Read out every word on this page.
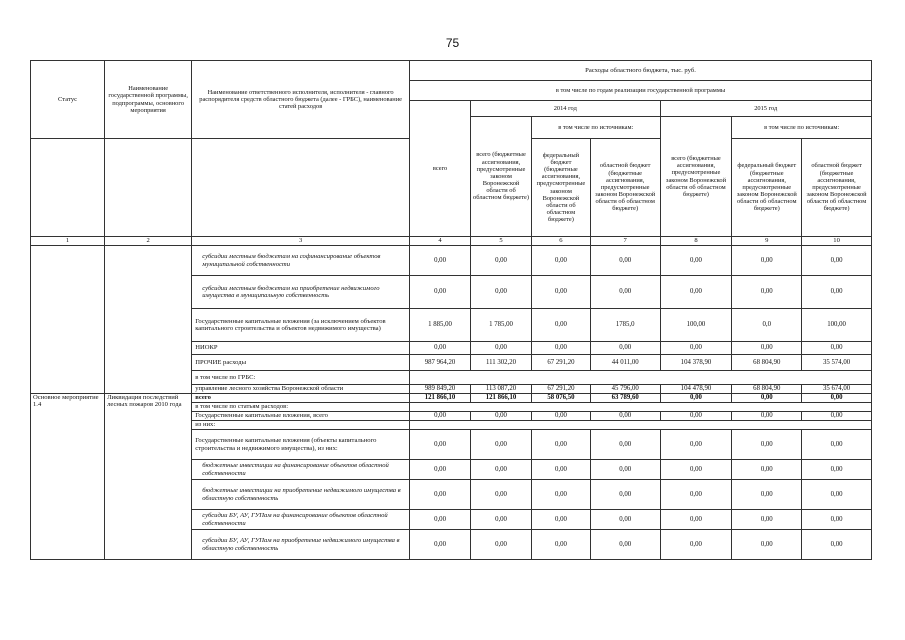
75
Статус	Наименование государственной программы, подпрограммы, основного мероприятия	Наименование ответственного исполнителя, исполнителя - главного распорядителя средств областного бюджета (далее - ГРБС), наименование статей расходов	Расходы областного бюджета, тыс. руб.						
			в том числе по годам реализации государственной программы						
			всего	2014 год			2015 год		
				всего (бюджетные ассигнования, предусмотренные законом Воронежской области об областном бюджете)	в том числе по источникам:		всего (бюджетные ассигнования, предусмотренные законом Воронежской области об областном бюджете)	в том числе по источникам:	
					федеральный бюджет (бюджетные ассигнования, предусмотренные законом Воронежской области об областном бюджете)	областной бюджет (бюджетные ассигнования, предусмотренные законом Воронежской области об областном бюджете)		федеральный бюджет (бюджетные ассигнования, предусмотренные законом Воронежской области об областном бюджете)	областной бюджет (бюджетные ассигнования, предусмотренные законом Воронежской области об областном бюджете)
1	2	3	4	5	6	7	8	9	10
		субсидии местным бюджетам на софинансирование объектов муниципальной собственности	0,00	0,00	0,00	0,00	0,00	0,00	0,00
		субсидии местным бюджетам на приобретение недвижимого имущества в муниципальную собственность	0,00	0,00	0,00	0,00	0,00	0,00	0,00
		Государственные капитальные вложения (за исключением объектов капитального строительства и объектов недвижимого имущества)	1 885,00	1 785,00	0,00	1785,0	100,00	0,0	100,00
		НИОКР	0,00	0,00	0,00	0,00	0,00	0,00	0,00
		ПРОЧИЕ расходы	987 964,20	111 302,20	67 291,20	44 011,00	104 378,90	68 804,90	35 574,00
		в том числе по ГРБС:							
		управление лесного хозяйства Воронежской области	989 849,20	113 087,20	67 291,20	45 796,00	104 478,90	68 804,90	35 674,00
Основное мероприятие 1.4	Ликвидация последствий лесных пожаров 2010 года	всего	121 866,10	121 866,10	58 076,50	63 789,60	0,00	0,00	0,00
		в том числе по статьям расходов:							
		Государственные капитальные вложения, всего	0,00	0,00	0,00	0,00	0,00	0,00	0,00
		из них:							
		Государственные капитальные вложения (объекты капитального строительства и недвижимого имущества), из них:	0,00	0,00	0,00	0,00	0,00	0,00	0,00
		бюджетные инвестиции на финансирование объектов областной собственности	0,00	0,00	0,00	0,00	0,00	0,00	0,00
		бюджетные инвестиции на приобретение недвижимого имущества в областную собственность	0,00	0,00	0,00	0,00	0,00	0,00	0,00
		субсидии БУ, АУ, ГУПам на финансирование объектов областной собственности	0,00	0,00	0,00	0,00	0,00	0,00	0,00
		субсидии БУ, АУ, ГУПам на приобретение недвижимого имущества в областную собственность	0,00	0,00	0,00	0,00	0,00	0,00	0,00
